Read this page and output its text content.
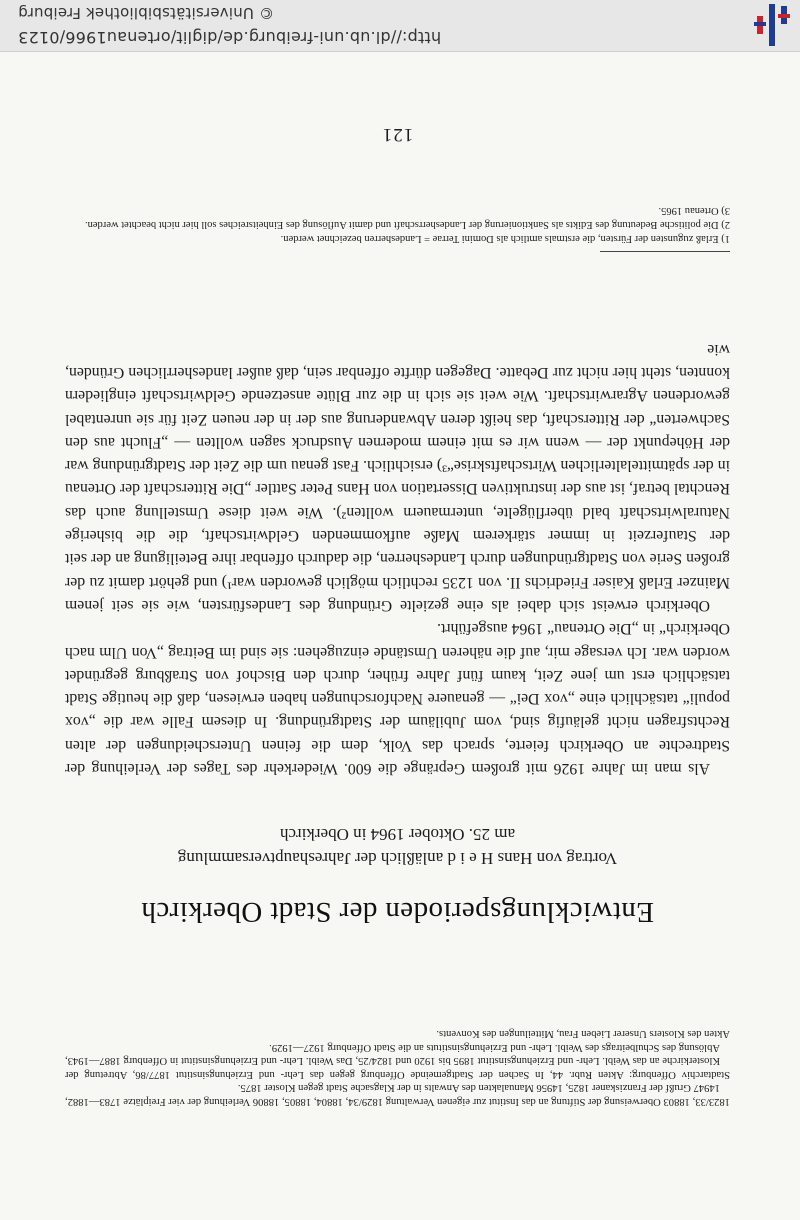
1823/33, 18803 Oberweisung der Stiftung an das Institut zur eigenen Verwaltung 1829/34, 18804, 18805, 18806 Verleihung der vier Freiplätze 1783—1882, 14947 Grußf der Franziskaner 1825, 14956 Manualakten des Anwalts in der Klagsache Stadt gegen Kloster 1875.

Stadtarchiv Offenburg: Akten Rubr. 44, In Sachen der Stadtgemeinde Offenburg gegen das Lehr- und Erziehungsinstitut 1877/86, Abtretung der Klosterkirche an das Weibl. Lehr- und Erziehungsinstitut 1895 bis 1920 und 1824/25, Das Weibl. Lehr- und Erziehungsinstitut in Offenburg 1887—1943, Ablösung des Schulbeitrags des Weibl. Lehr- und Erziehungsinstituts an die Stadt Offenburg 1927—1929.

Akten des Klosters Unserer Lieben Frau, Mitteilungen des Konvents.

Entwicklungsperioden der Stadt Oberkirch
Vortrag von Hans H e i d anläßlich der Jahreshauptversammlung
am 25. Oktober 1964 in Oberkirch

Als man im Jahre 1926 mit großem Gepränge die 600. Wiederkehr des Tages der Verleihung der Stadtrechte an Oberkirch feierte, sprach das Volk, dem die feinen Unterscheidungen der alten Rechtsfragen nicht geläufig sind, vom Jubiläum der Stadtgründung. In diesem Falle war die „vox populi“ tatsächlich eine „vox Dei“ — genauere Nachforschungen haben erwiesen, daß die heutige Stadt tatsächlich erst um jene Zeit, kaum fünf Jahre früher, durch den Bischof von Straßburg gegründet worden war. Ich versage mir, auf die näheren Umstände einzugehen: sie sind im Beitrag „Von Ulm nach Oberkirch“ in „Die Ortenau“ 1964 ausgeführt.

Oberkirch erweist sich dabei als eine gezielte Gründung des Landesfürsten, wie sie seit jenem Mainzer Erlaß Kaiser Friedrichs II. von 1235 rechtlich möglich geworden war¹) und gehört damit zu der großen Serie von Stadtgründungen durch Landesherren, die dadurch offenbar ihre Beteiligung an der seit der Stauferzeit in immer stärkerem Maße aufkommenden Geldwirtschaft, die die bisherige Naturalwirtschaft bald überflügelte, untermauern wollten²). Wie weit diese Umstellung auch das Renchtal betraf, ist aus der instruktiven Dissertation von Hans Peter Sattler „Die Ritterschaft der Ortenau in der spätmittelalterlichen Wirtschaftskrise“³) ersichtlich. Fast genau um die Zeit der Stadtgründung war der Höhepunkt der — wenn wir es mit einem modernen Ausdruck sagen wollten — „Flucht aus den Sachwerten“ der Ritterschaft, das heißt deren Abwanderung aus der in der neuen Zeit für sie unrentabel gewordenen Agrarwirtschaft. Wie weit sie sich in die zur Blüte ansetzende Geldwirtschaft eingliedern konnten, steht hier nicht zur Debatte. Dagegen dürfte offenbar sein, daß außer landesherrlichen Gründen, wie

1) Erlaß zugunsten der Fürsten, die erstmals amtlich als Domini Terrae = Landesherren bezeichnet werden.

2) Die politische Bedeutung des Edikts als Sanktionierung der Landesherrschaft und damit Auflösung des Einheitsreiches soll hier nicht beachtet werden.

3) Ortenau 1965.

121
http://dl.ub.uni-freiburg.de/diglit/ortenau1966/0123
© Universitätsbibliothek Freiburg
